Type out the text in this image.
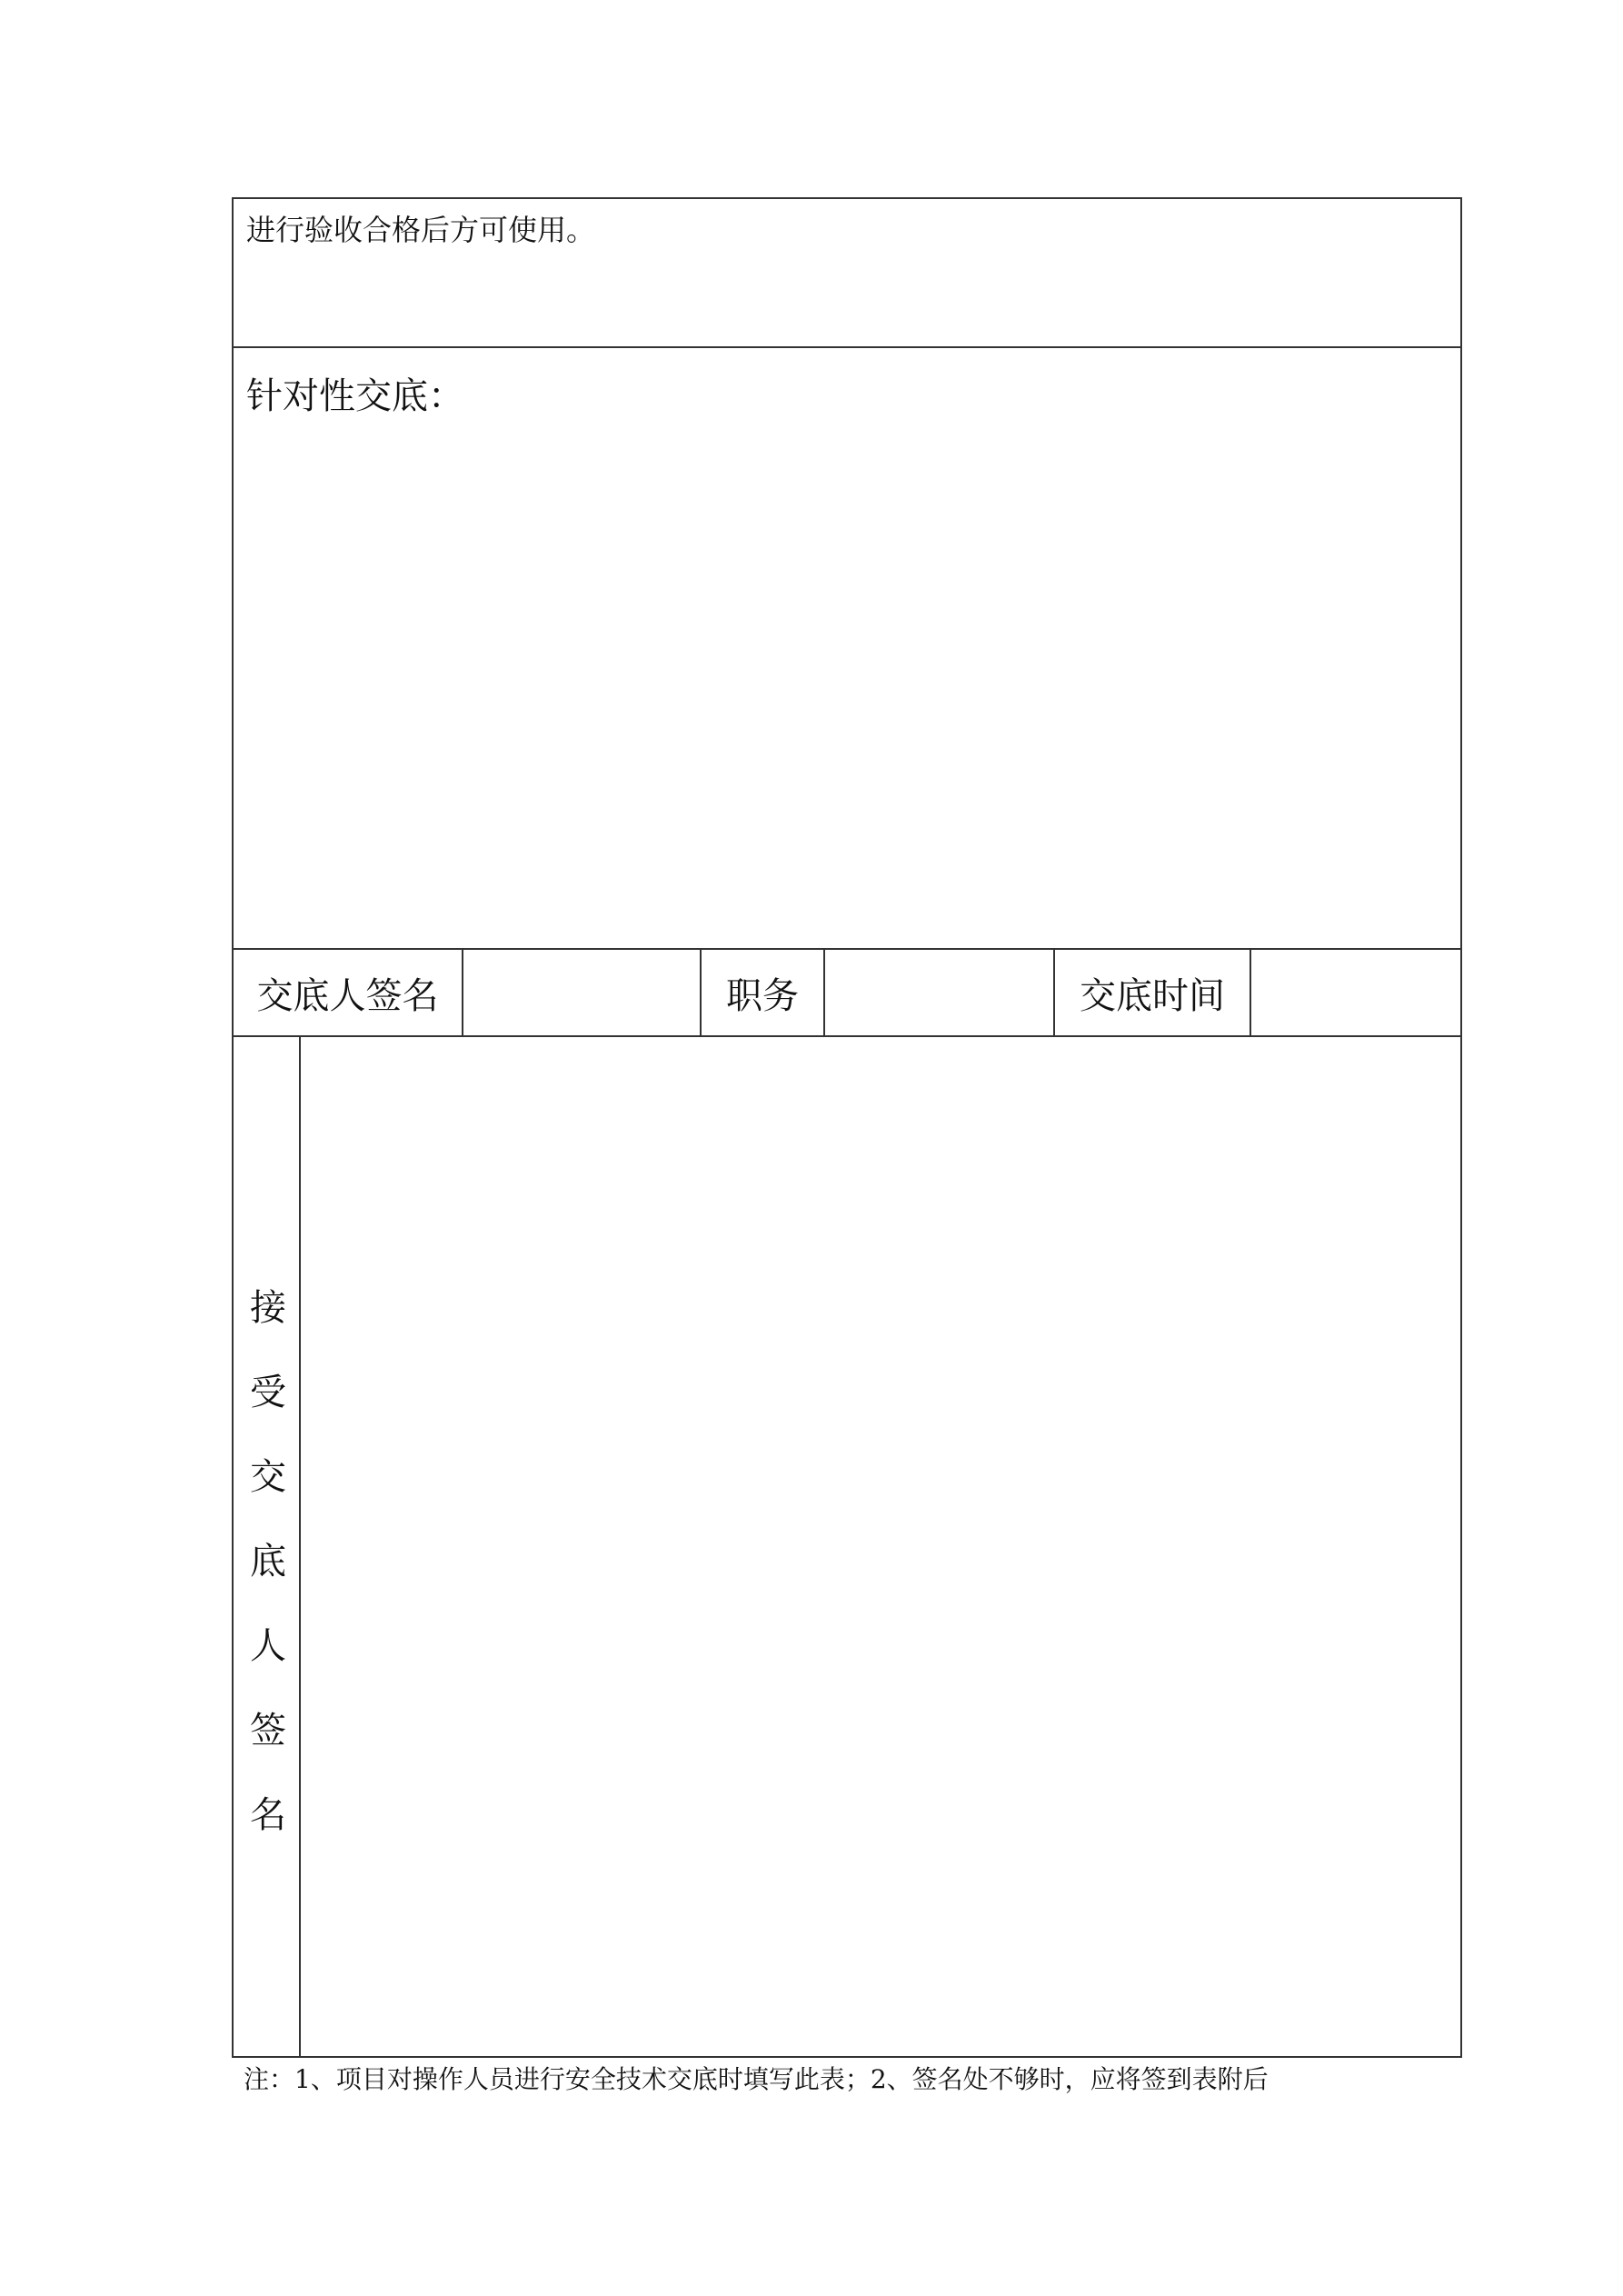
进行验收合格后方可使用。
针对性交底：
交底人签名	职务	交底时间
接受交底人签名
注：1、项目对操作人员进行安全技术交底时填写此表；2、签名处不够时，应将签到表附后
